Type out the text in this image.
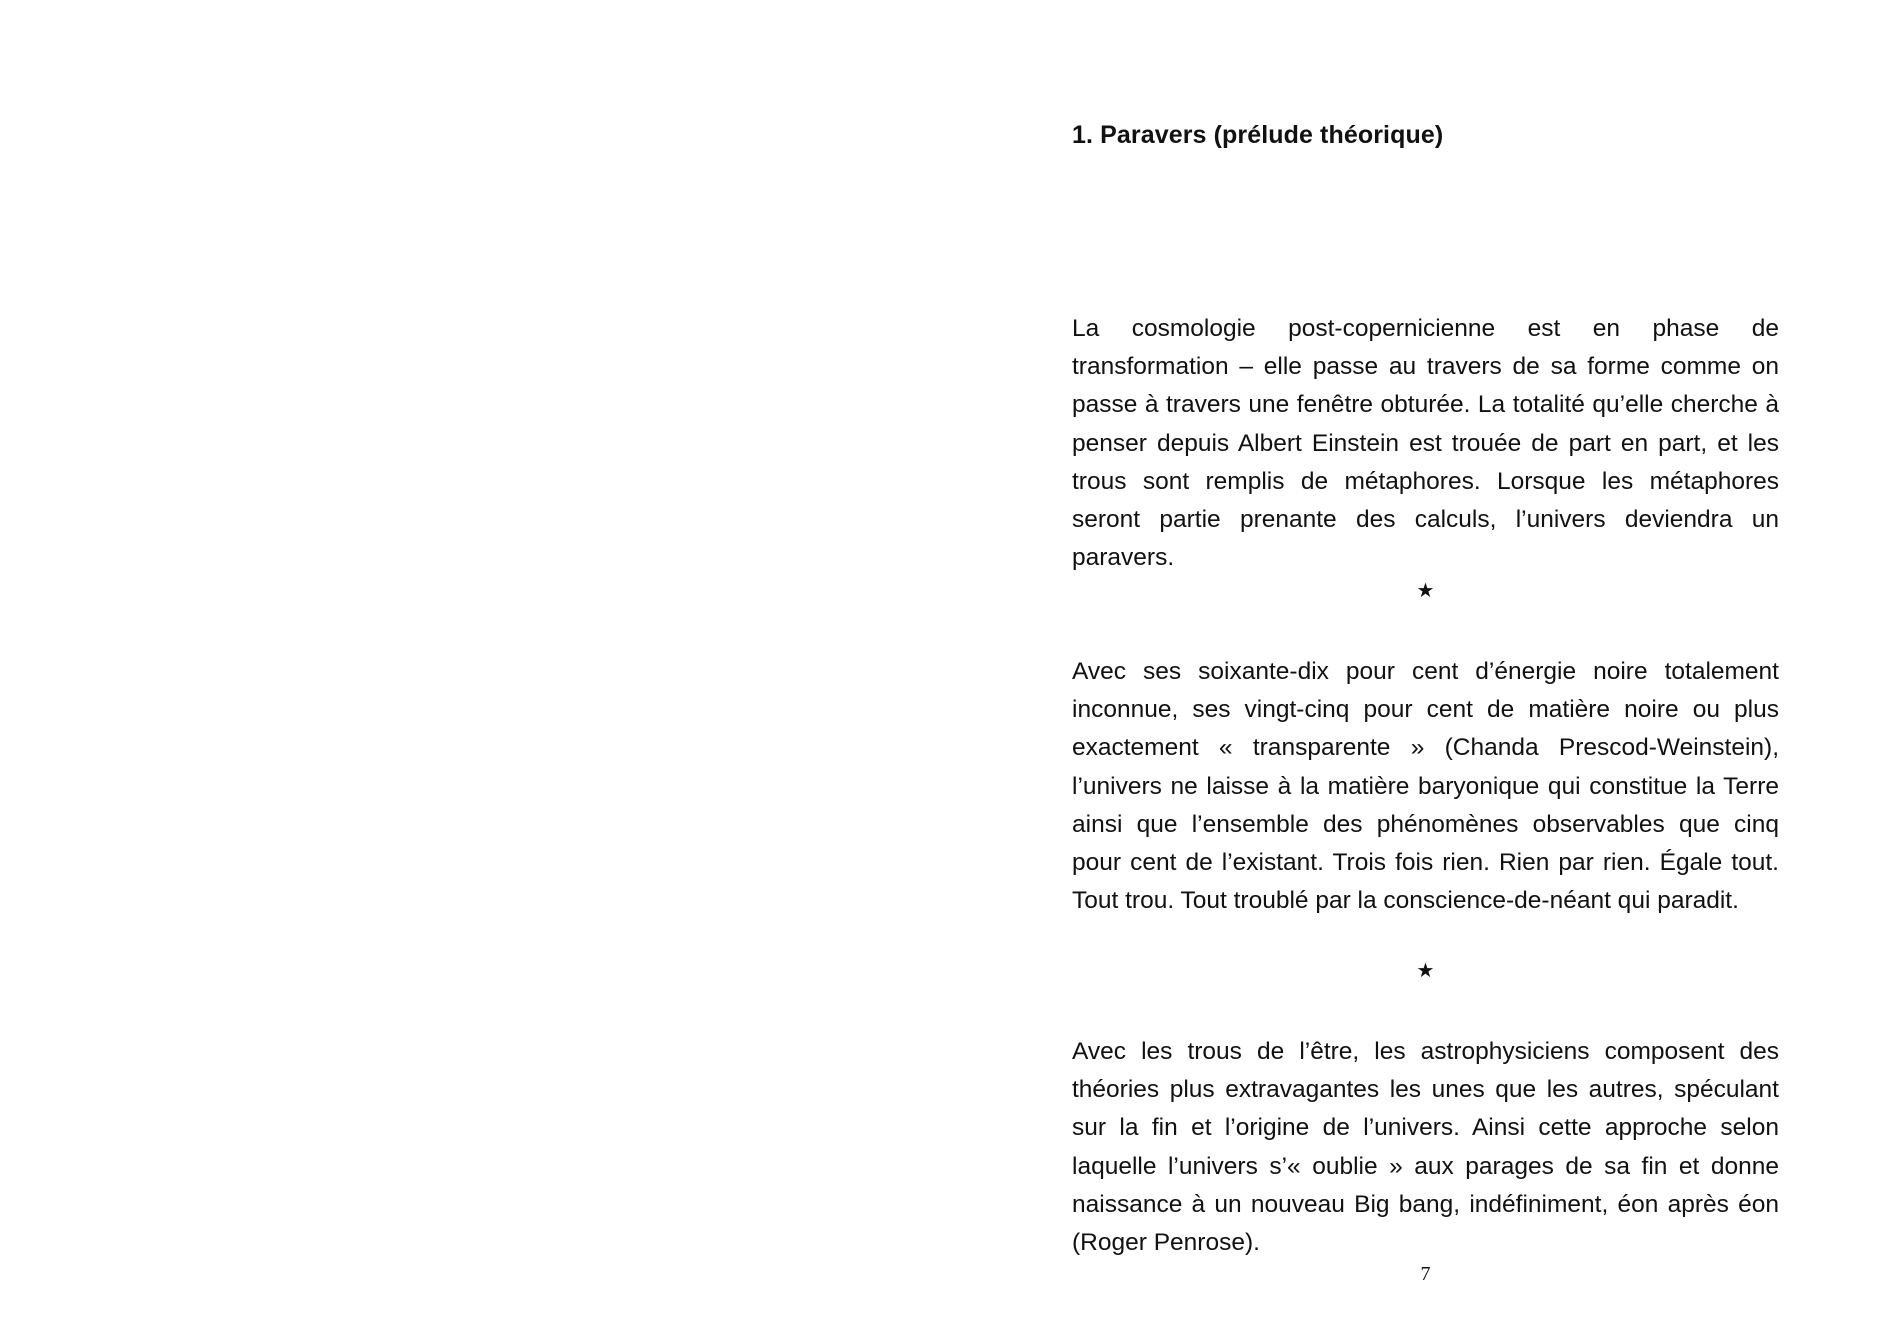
1. Paravers (prélude théorique)

La cosmologie post-copernicienne est en phase de transformation – elle passe au travers de sa forme comme on passe à travers une fenêtre obturée. La totalité qu’elle cherche à penser depuis Albert Einstein est trouée de part en part, et les trous sont remplis de métaphores. Lorsque les métaphores seront partie prenante des calculs, l’univers deviendra un paravers.

★

Avec ses soixante-dix pour cent d’énergie noire totalement inconnue, ses vingt-cinq pour cent de matière noire ou plus exactement « transparente » (Chanda Prescod-Weinstein), l’univers ne laisse à la matière baryonique qui constitue la Terre ainsi que l’ensemble des phénomènes observables que cinq pour cent de l’existant. Trois fois rien. Rien par rien. Égale tout. Tout trou. Tout troublé par la conscience-de-néant qui paradit.

★

Avec les trous de l’être, les astrophysiciens composent des théories plus extravagantes les unes que les autres, spéculant sur la fin et l’origine de l’univers. Ainsi cette approche selon laquelle l’univers s’« oublie » aux parages de sa fin et donne naissance à un nouveau Big bang, indéfiniment, éon après éon (Roger Penrose).

7
